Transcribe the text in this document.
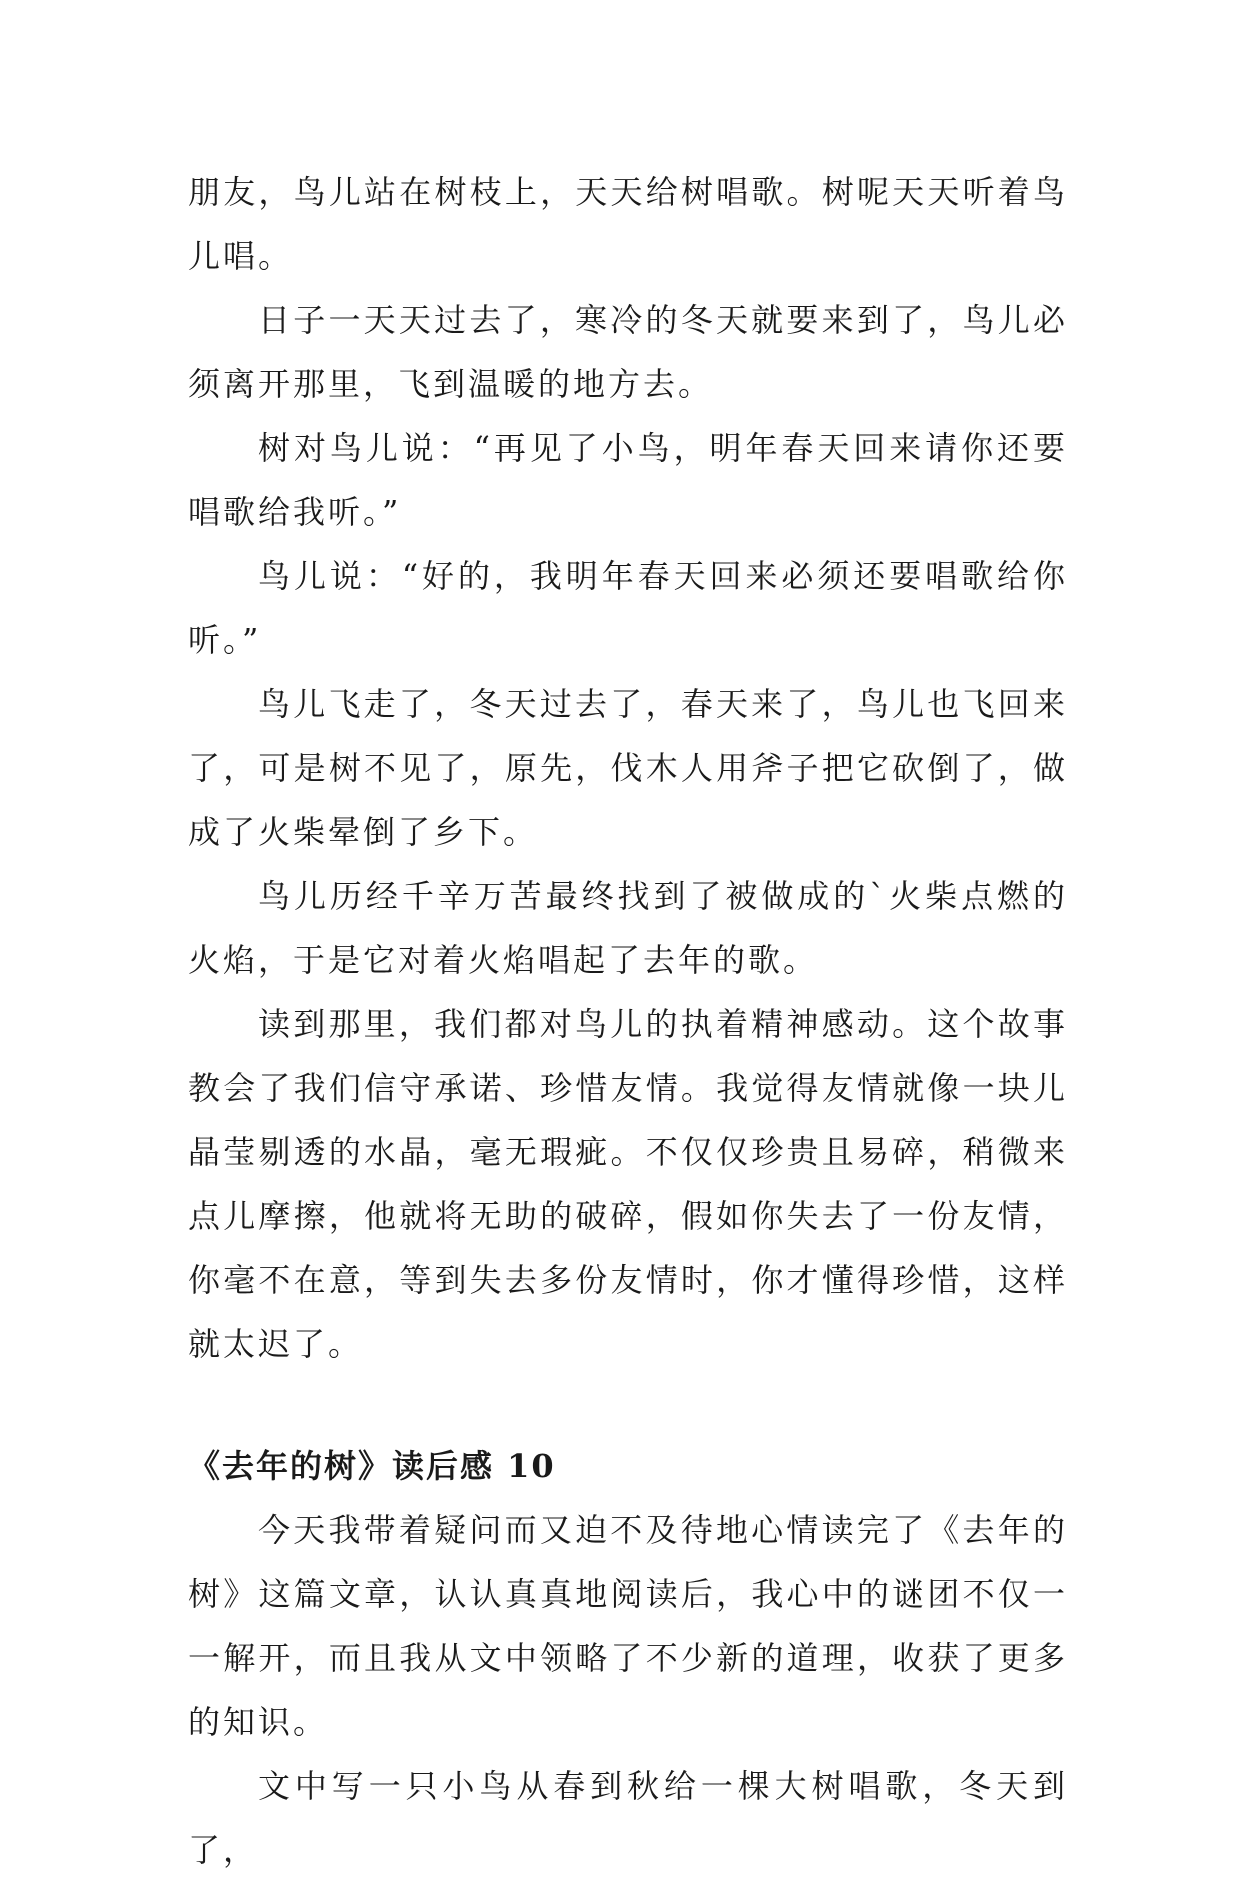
朋友，鸟儿站在树枝上，天天给树唱歌。树呢天天听着鸟儿唱。

日子一天天过去了，寒冷的冬天就要来到了，鸟儿必须离开那里，飞到温暖的地方去。

树对鸟儿说：“再见了小鸟，明年春天回来请你还要唱歌给我听。”

鸟儿说：“好的，我明年春天回来必须还要唱歌给你听。”

鸟儿飞走了，冬天过去了，春天来了，鸟儿也飞回来了，可是树不见了，原先，伐木人用斧子把它砍倒了，做成了火柴晕倒了乡下。

鸟儿历经千辛万苦最终找到了被做成的`火柴点燃的火焰，于是它对着火焰唱起了去年的歌。

读到那里，我们都对鸟儿的执着精神感动。这个故事教会了我们信守承诺、珍惜友情。我觉得友情就像一块儿晶莹剔透的水晶，毫无瑕疵。不仅仅珍贵且易碎，稍微来点儿摩擦，他就将无助的破碎，假如你失去了一份友情，你毫不在意，等到失去多份友情时，你才懂得珍惜，这样就太迟了。

《去年的树》读后感 10

今天我带着疑问而又迫不及待地心情读完了《去年的树》这篇文章，认认真真地阅读后，我心中的谜团不仅一一解开，而且我从文中领略了不少新的道理，收获了更多的知识。

文中写一只小鸟从春到秋给一棵大树唱歌，冬天到了，
